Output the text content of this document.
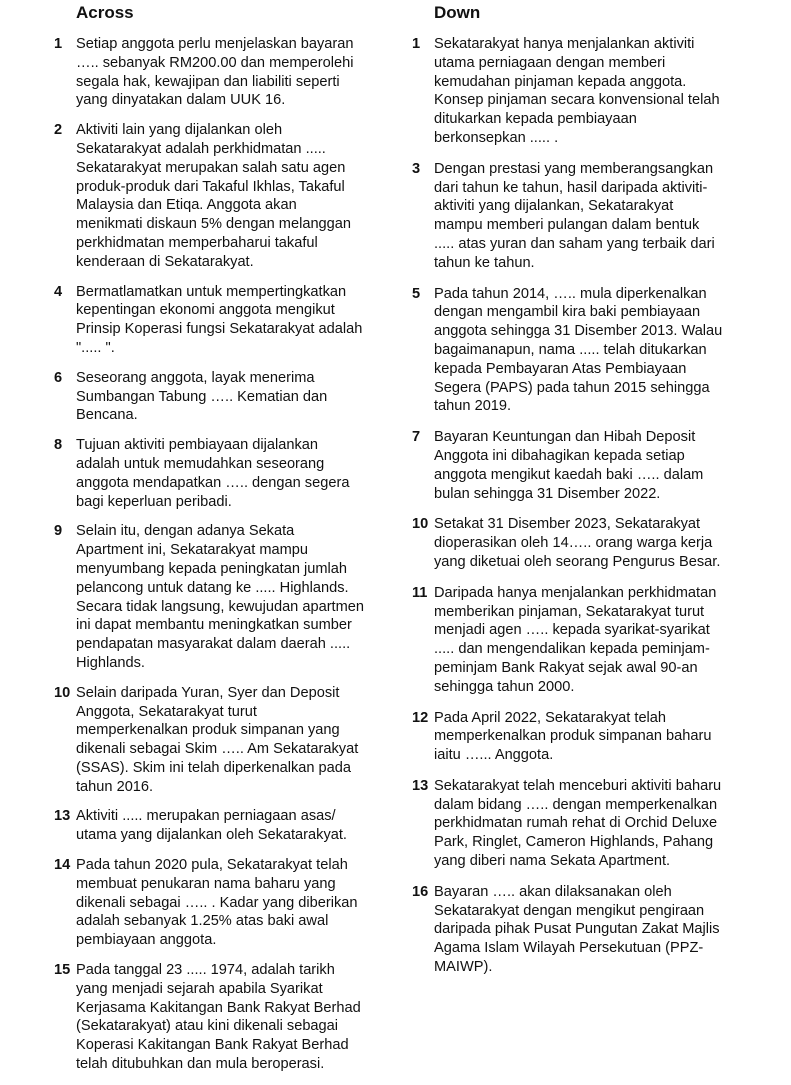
Across
1 Setiap anggota perlu menjelaskan bayaran
….. sebanyak RM200.00 dan memperolehi
segala hak, kewajipan dan liabiliti seperti
yang dinyatakan dalam UUK 16.
2 Aktiviti lain yang dijalankan oleh
Sekatarakyat adalah perkhidmatan .....
Sekatarakyat merupakan salah satu agen
produk-produk dari Takaful Ikhlas, Takaful
Malaysia dan Etiqa. Anggota akan
menikmati diskaun 5% dengan melanggan
perkhidmatan memperbaharui takaful
kenderaan di Sekatarakyat.
4 Bermatlamatkan untuk mempertingkatkan
kepentingan ekonomi anggota mengikut
Prinsip Koperasi fungsi Sekatarakyat adalah
"..... ".
6 Seseorang anggota, layak menerima
Sumbangan Tabung ….. Kematian dan
Bencana.
8 Tujuan aktiviti pembiayaan dijalankan
adalah untuk memudahkan seseorang
anggota mendapatkan ….. dengan segera
bagi keperluan peribadi.
9 Selain itu, dengan adanya Sekata
Apartment ini, Sekatarakyat mampu
menyumbang kepada peningkatan jumlah
pelancong untuk datang ke ..... Highlands.
Secara tidak langsung, kewujudan apartmen
ini dapat membantu meningkatkan sumber
pendapatan masyarakat dalam daerah .....
Highlands.
10 Selain daripada Yuran, Syer dan Deposit
Anggota, Sekatarakyat turut
memperkenalkan produk simpanan yang
dikenali sebagai Skim ….. Am Sekatarakyat
(SSAS). Skim ini telah diperkenalkan pada
tahun 2016.
13 Aktiviti ..... merupakan perniagaan asas/
utama yang dijalankan oleh Sekatarakyat.
14 Pada tahun 2020 pula, Sekatarakyat telah
membuat penukaran nama baharu yang
dikenali sebagai ….. . Kadar yang diberikan
adalah sebanyak 1.25% atas baki awal
pembiayaan anggota.
15 Pada tanggal 23 ..... 1974, adalah tarikh
yang menjadi sejarah apabila Syarikat
Kerjasama Kakitangan Bank Rakyat Berhad
(Sekatarakyat) atau kini dikenali sebagai
Koperasi Kakitangan Bank Rakyat Berhad
telah ditubuhkan dan mula beroperasi.
Down
1 Sekatarakyat hanya menjalankan aktiviti
utama perniagaan dengan memberi
kemudahan pinjaman kepada anggota.
Konsep pinjaman secara konvensional telah
ditukarkan kepada pembiayaan
berkonsepkan ..... .
3 Dengan prestasi yang memberangsangkan
dari tahun ke tahun, hasil daripada aktiviti-
aktiviti yang dijalankan, Sekatarakyat
mampu memberi pulangan dalam bentuk
..... atas yuran dan saham yang terbaik dari
tahun ke tahun.
5 Pada tahun 2014, ….. mula diperkenalkan
dengan mengambil kira baki pembiayaan
anggota sehingga 31 Disember 2013. Walau
bagaimanapun, nama ..... telah ditukarkan
kepada Pembayaran Atas Pembiayaan
Segera (PAPS) pada tahun 2015 sehingga
tahun 2019.
7 Bayaran Keuntungan dan Hibah Deposit
Anggota ini dibahagikan kepada setiap
anggota mengikut kaedah baki ….. dalam
bulan sehingga 31 Disember 2022.
10 Setakat 31 Disember 2023, Sekatarakyat
dioperasikan oleh 14….. orang warga kerja
yang diketuai oleh seorang Pengurus Besar.
11 Daripada hanya menjalankan perkhidmatan
memberikan pinjaman, Sekatarakyat turut
menjadi agen ….. kepada syarikat-syarikat
..... dan mengendalikan kepada peminjam-
peminjam Bank Rakyat sejak awal 90-an
sehingga tahun 2000.
12 Pada April 2022, Sekatarakyat telah
memperkenalkan produk simpanan baharu
iaitu …... Anggota.
13 Sekatarakyat telah menceburi aktiviti baharu
dalam bidang ….. dengan memperkenalkan
perkhidmatan rumah rehat di Orchid Deluxe
Park, Ringlet, Cameron Highlands, Pahang
yang diberi nama Sekata Apartment.
16 Bayaran ….. akan dilaksanakan oleh
Sekatarakyat dengan mengikut pengiraan
daripada pihak Pusat Pungutan Zakat Majlis
Agama Islam Wilayah Persekutuan (PPZ-
MAIWP).
